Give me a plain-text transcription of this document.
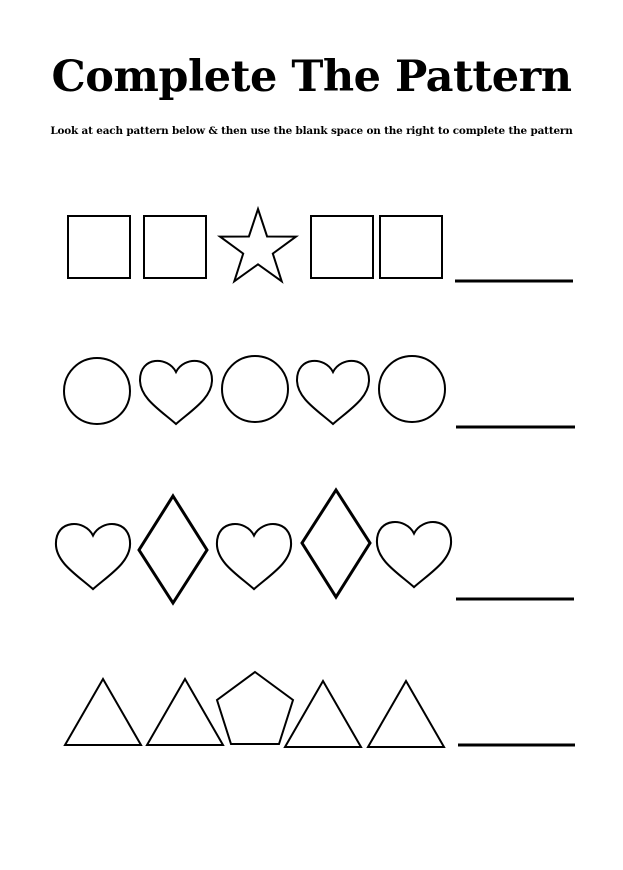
Complete The Pattern
Look at each pattern below & then use the blank space on the right to complete the pattern
